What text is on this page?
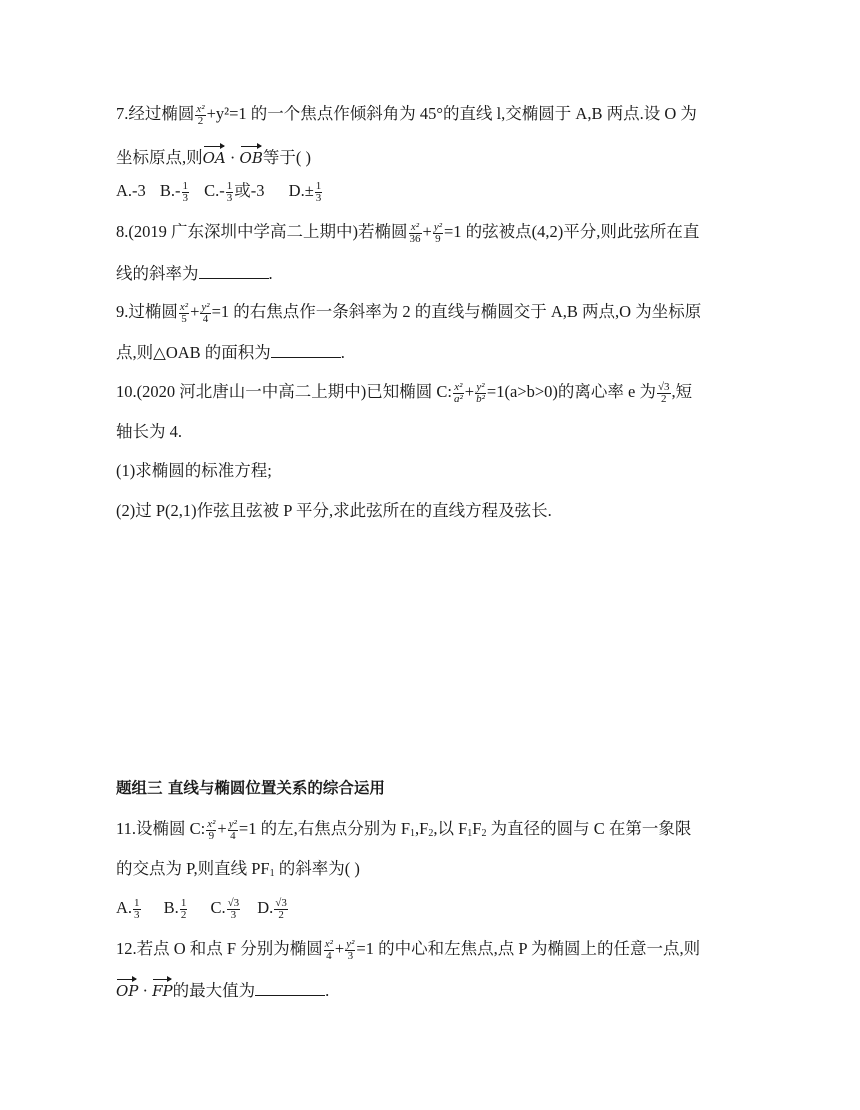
7.经过椭圆 $\frac{\text{x²}}{2} +y^2=1$ 的一个焦点作倾斜角为 45°的直线 l,交椭圆于 A,B 两点.设 O 为
坐标原点,则OA · OB等于( )
A.-3 $B.- \frac{1}{3} C.- \frac{1}{3}$ 或-3 $D.\pm \frac{1}{3}$
8.(2019 广东深圳中学高二上期中)若椭圆 $\frac{\text{x²}}{36} + \frac{\text{y²}}{9} =1$ 的弦被点(4,2)平分,则此弦所在直
线的斜率为	.
9.过椭圆 $\frac{\text{x²}}{5} + \frac{\text{y²}}{4} =1$ 的右焦点作一条斜率为 2 的直线与椭圆交于 A,B 两点,O 为坐标原
点,则△OAB 的面积为	.
10.(2020 河北唐山一中高二上期中)已知椭圆 C: $\frac{\text{x²}}{\text{a²}} + \frac{\text{y²}}{\text{b²}} =1(a>b>0)$的离心率 e 为 $\frac{√3}{2}$ ,短
轴长为 4.
(1)求椭圆的标准方程;
(2)过 P(2,1)作弦且弦被 P 平分,求此弦所在的直线方程及弦长.
题组三 直线与椭圆位置关系的综合运用
11.设椭圆 C: $\frac{\text{x²}}{9} + \frac{\text{y²}}{4} =1$ 的左,右焦点分别为 $F_1,F_2$,以 $F_1F_2$ 为直径的圆与 C 在第一象限
的交点为 P,则直线 $PF_1$ 的斜率为( )
A. $\frac{1}{3} B$. $\frac{1}{2} C$. $\frac{√3}{3} D$. $\frac{√3}{2}$
12.若点 O 和点 F 分别为椭圆 $\frac{\text{x²}}{4} + \frac{\text{y²}}{3} =1$ 的中心和左焦点,点 P 为椭圆上的任意一点,则
OP · FP的最大值为	.
